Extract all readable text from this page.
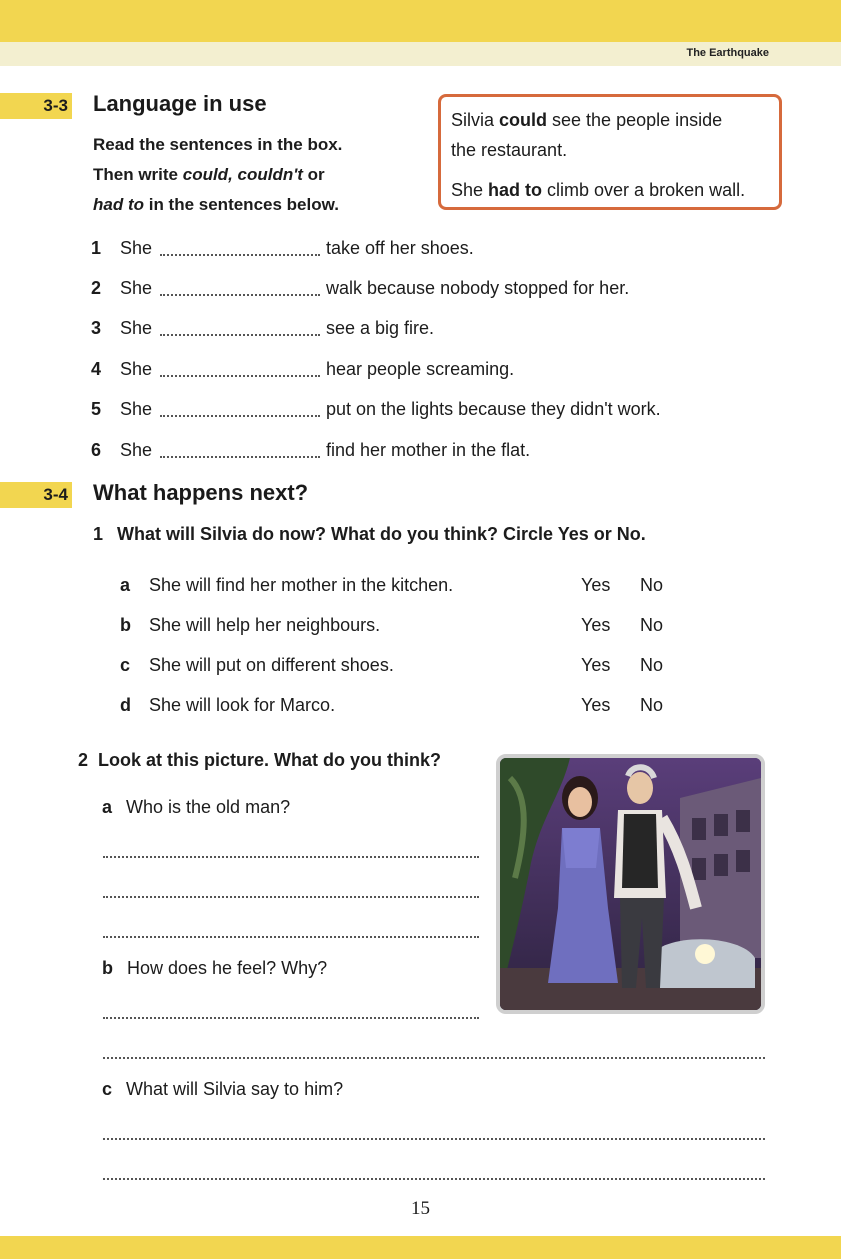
The Earthquake
3-3 Language in use
Read the sentences in the box.
Then write could, couldn't or
had to in the sentences below.

Silvia could see the people inside

the restaurant.

She had to climb over a broken wall.

1 She	take off her shoes.
2 She	walk because nobody stopped for her.
3 She	see a big fire.
4 She	hear people screaming.
5 She	put on the lights because they didn't work.
6 She	find her mother in the flat.
3-4 What happens next?
1 What will Silvia do now? What do you think? Circle Yes or No.
a She will find her mother in the kitchen.	Yes No
b She will help her neighbours.	Yes No
c She will put on different shoes.	Yes No
d She will look for Marco.	Yes No
2 Look at this picture. What do you think?
a Who is the old man?
b How does he feel? Why?
c What will Silvia say to him?
15
